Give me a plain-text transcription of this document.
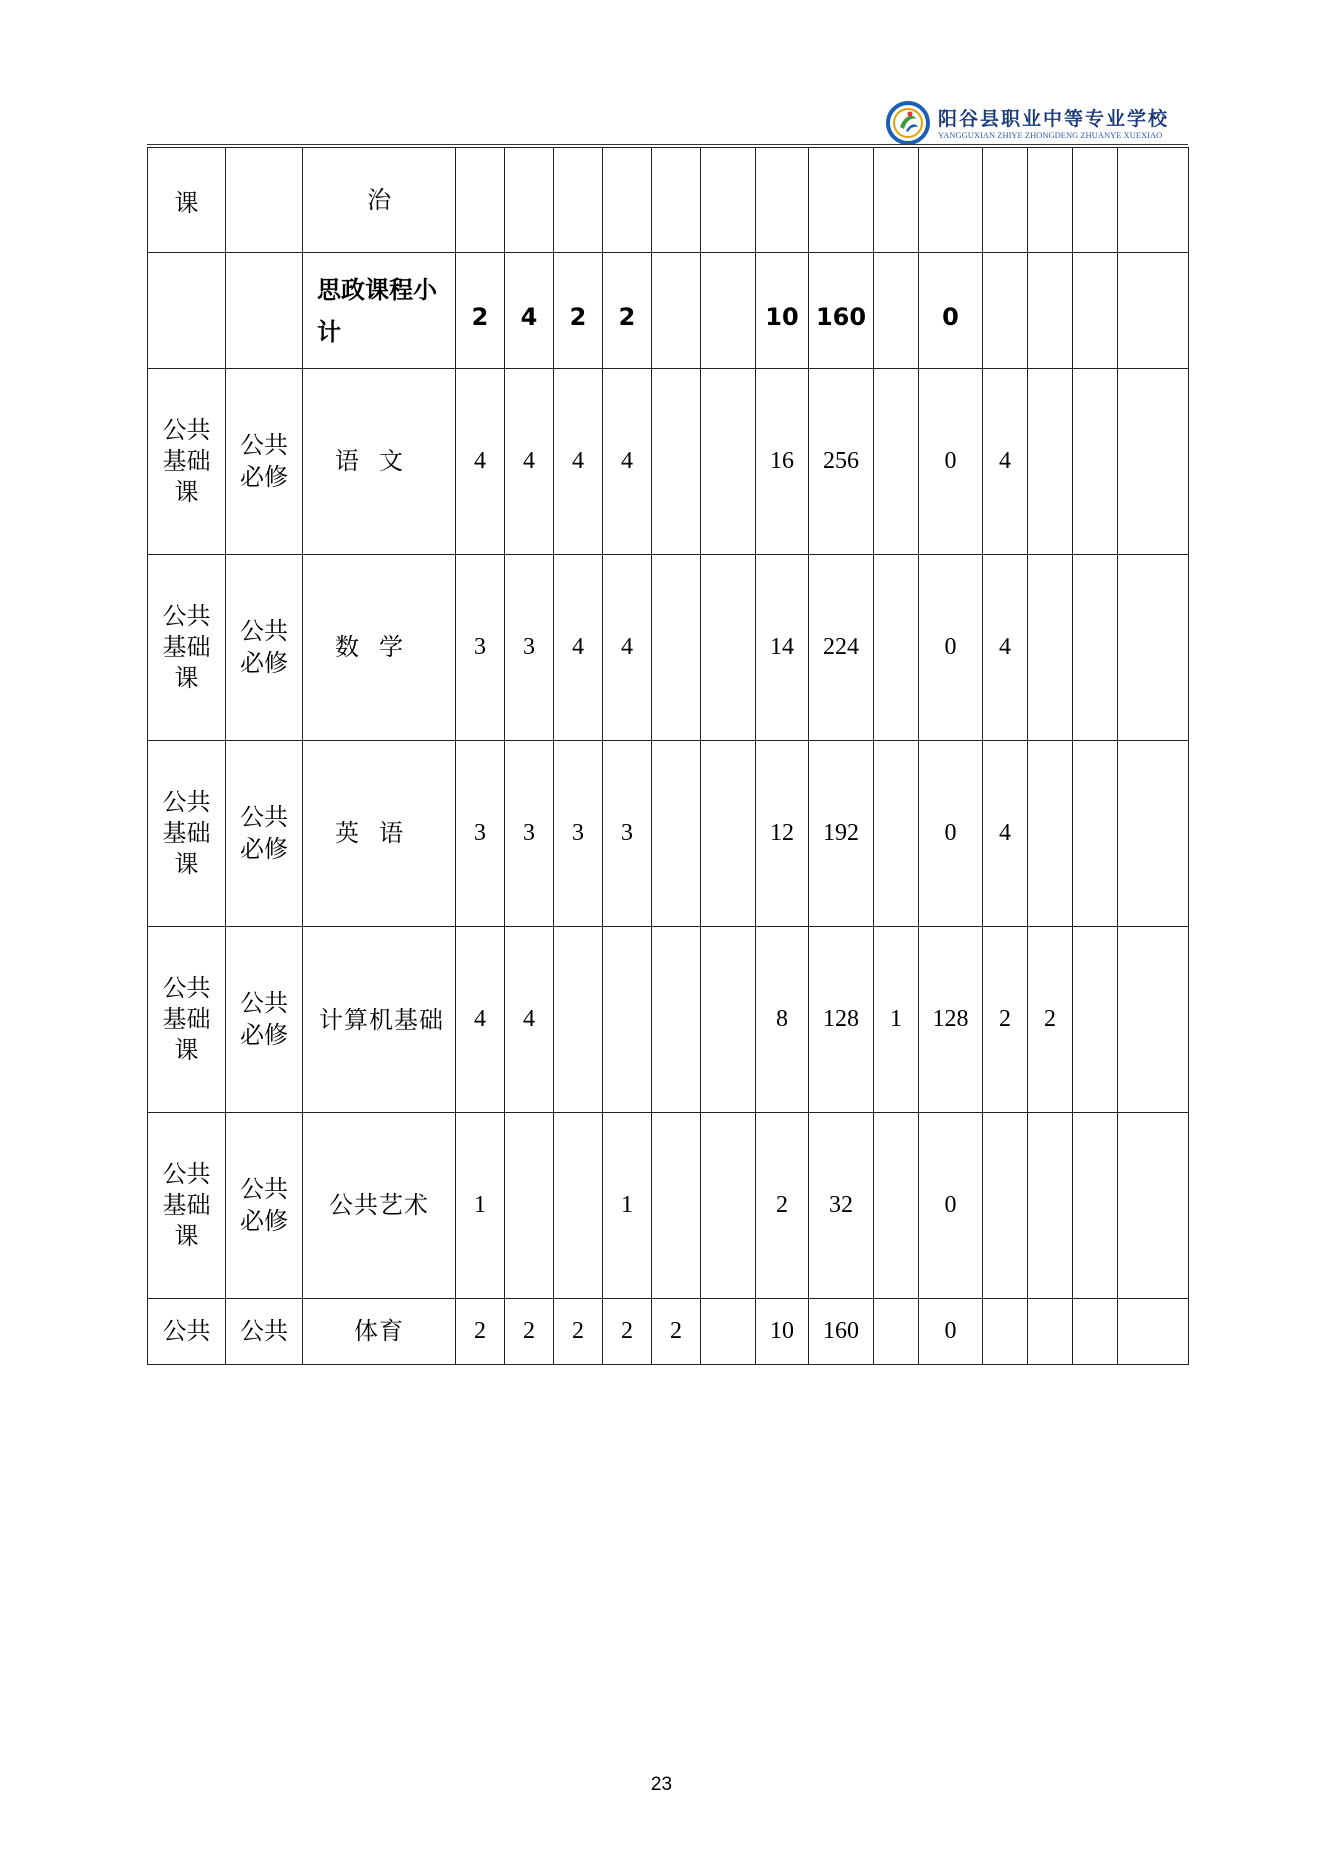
阳谷县职业中等专业学校
YANGGUXIAN ZHIYE ZHONGDENG ZHUANYE XUEXIAO
课		治														
		思政课程小计	2	4	2	2			10	160		0				

公共
基础
课	公共
必修	语文	4	4	4	4			16	256		0	4			

公共
基础
课	公共
必修	数学	3	3	4	4			14	224		0	4			

公共
基础
课	公共
必修	英语	3	3	3	3			12	192		0	4			

公共
基础
课	公共
必修	计算机基础	4	4					8	128	1	128	2	2		

公共
基础
课	公共
必修	公共艺术	1			1			2	32		0				
公共	公共	体育	2	2	2	2	2		10	160		0				
23
